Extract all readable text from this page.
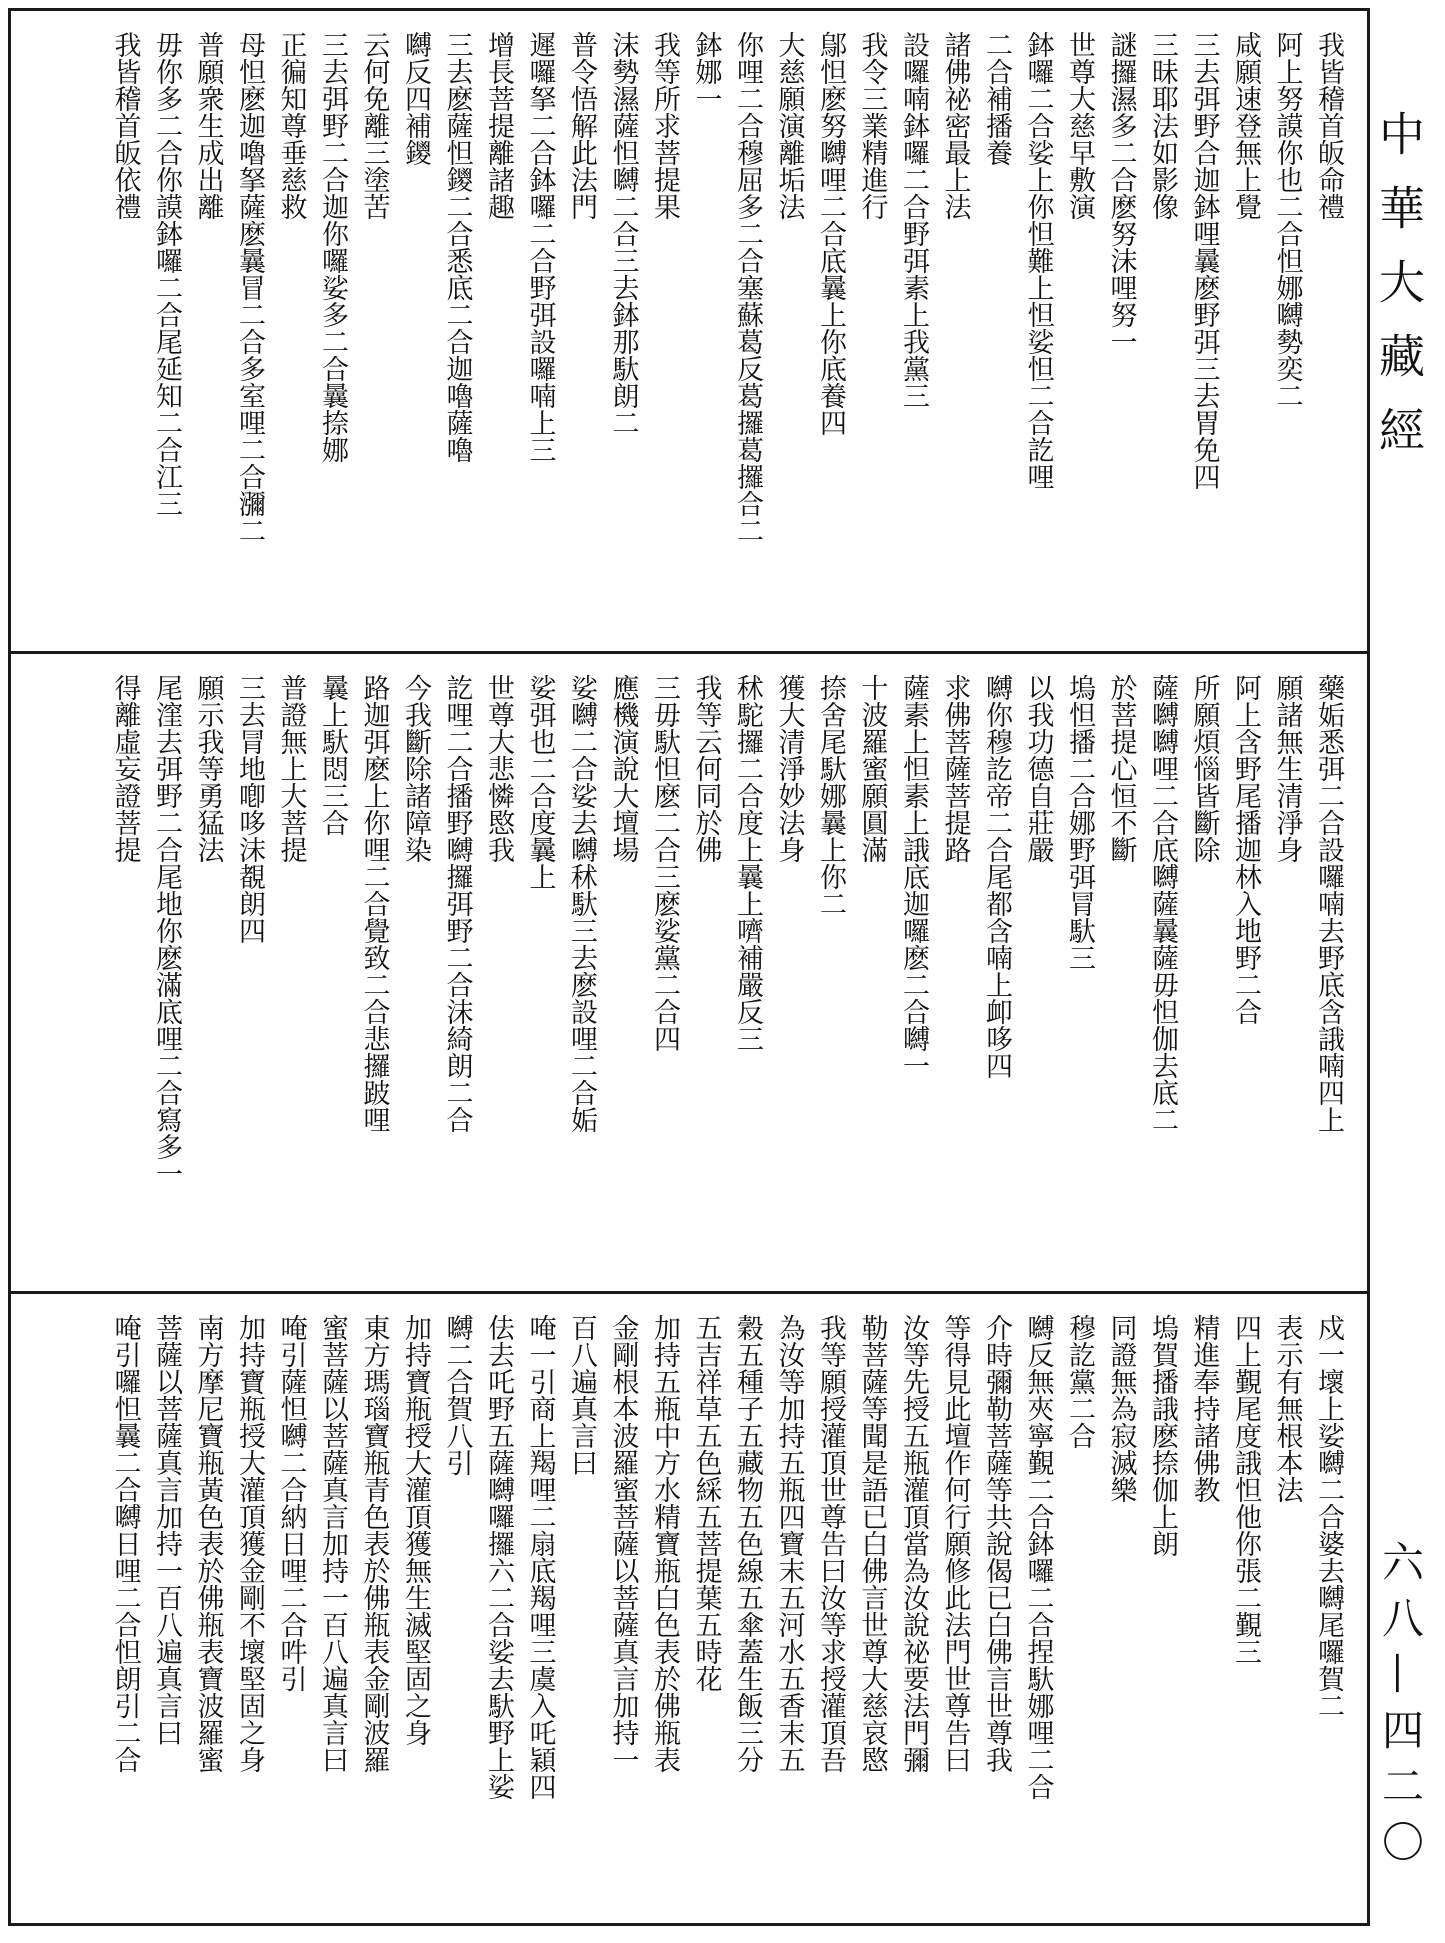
我皆稽首皈命禮
阿上努謨你也二合怛娜嚩勢奕二
咸願速登無上覺
三去弭野合迦鉢哩曩麽野弭三去胃免四
三昧耶法如影像
謎攞濕多二合麽努沫哩努一
世尊大慈早敷演
鉢囉二合娑上你怛難上怛娑怛二合訖哩
二合補播養
諸佛祕密最上法
設囉喃鉢囉二合野弭素上我黨三
我令三業精進行
鄔怛麽努嚩哩二合底曩上你底養四
大慈願演離垢法
你哩二合穆屈多二合塞蘇葛反葛攞葛攞合二
鉢娜一
我等所求菩提果
沫勢濕薩怛嚩二合三去鉢那馱朗二
普令悟解此法門
遲囉拏二合鉢囉二合野弭設囉喃上三
增長菩提離諸趣
三去麽薩怛鑁二合悉底二合迦嚕薩嚕
嚩反四補鑁
云何免離三塗苦
三去弭野二合迦你囉娑多二合曩捺娜
正徧知尊垂慈救
母怛麽迦嚕拏薩麽曩冒二合多室哩二合瀰二
普願衆生成出離
毋你多二合你謨鉢囉二合尾延知二合江三
我皆稽首皈依禮
藥姤悉弭二合設囉喃去野底含誐喃四上
願諸無生清淨身
阿上含野尾播迦林入地野二合
所願煩惱皆斷除
薩嚩嚩哩二合底嚩薩曩薩毋怛伽去底二
於菩提心恒不斷
塢怛播二合娜野弭冐馱三
以我功德自莊嚴
嚩你穆訖帝二合尾都含喃上卹哆四
求佛菩薩菩提路
薩素上怛素上誐底迦囉麽二合嚩一
十波羅蜜願圓滿
捺舍尾馱娜曩上你二
獲大清淨妙法身
秫駝攞二合度上曩上嚌補嚴反三
我等云何同於佛
三毋馱怛麽二合三麽娑黨二合四
應機演說大壇場
娑嚩二合娑去嚩秫馱三去麽設哩二合姤
娑弭也二合度曩上
世尊大悲憐愍我
訖哩二合播野嚩攞弭野二合沫綺朗二合
今我斷除諸障染
路迦弭麽上你哩二合覺致二合悲攞跛哩
曩上馱悶三合
普證無上大菩提
三去冐地喞哆沫覩朗四
願示我等勇猛法
尾漥去弭野二合尾地你麽滿底哩二合寫多一
得離虛妄證菩提
戍一壞上娑嚩二合婆去嚩尾囉賀二
表示有無根本法
四上覲尾度誐怛他你張二覲三
精進奉持諸佛教
塢賀播誐麽捺伽上朗
同證無為寂滅樂
穆訖黨二合
嚩反無夾寧覲二合鉢囉二合捏馱娜哩二合
介時彌勒菩薩等共說偈已白佛言世尊我
等得見此壇作何行願修此法門世尊告曰
汝等先授五瓶灌頂當為汝說祕要法門彌
勒菩薩等聞是語已白佛言世尊大慈哀愍
我等願授灌頂世尊告曰汝等求授灌頂吾
為汝等加持五瓶四寶末五河水五香末五
穀五種子五藏物五色線五傘蓋生飯三分
五吉祥草五色綵五菩提葉五時花
加持五瓶中方水精寶瓶白色表於佛瓶表
金剛根本波羅蜜菩薩以菩薩真言加持一
百八遍真言曰
唵一引商上羯哩二扇底羯哩三虞入吒穎四
佉去吒野五薩嚩囉攞六二合娑去馱野上娑
嚩二合賀八引
加持寶瓶授大灌頂獲無生滅堅固之身
東方瑪瑙寶瓶青色表於佛瓶表金剛波羅
蜜菩薩以菩薩真言加持一百八遍真言曰
唵引薩怛嚩二合納日哩二合吽引
加持寶瓶授大灌頂獲金剛不壞堅固之身
南方摩尼寶瓶黃色表於佛瓶表寶波羅蜜
菩薩以菩薩真言加持一百八遍真言曰
唵引囉怛曩二合嚩日哩二合怛朗引二合
中華大藏經
六八—四二〇
